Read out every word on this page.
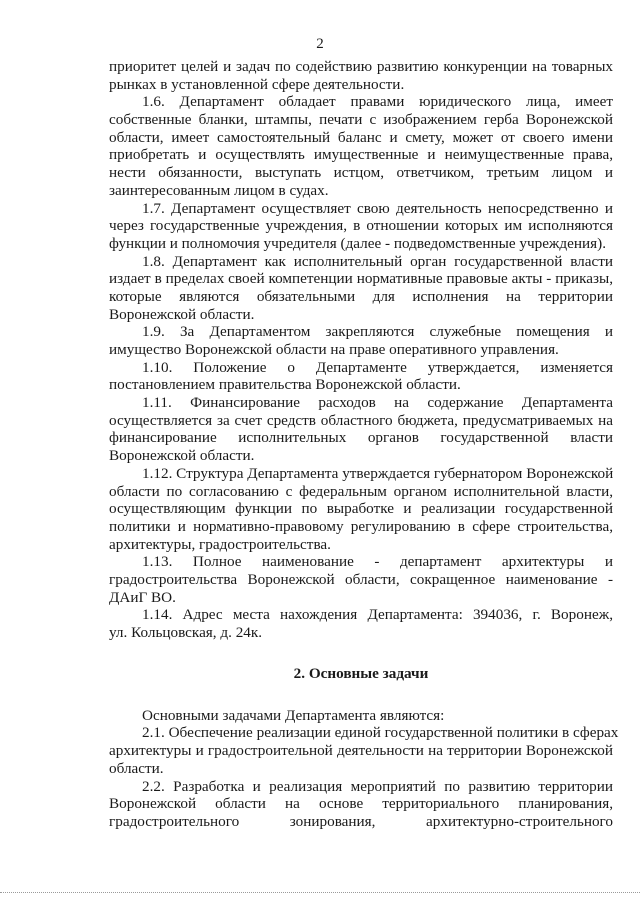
2
приоритет целей и задач по содействию развитию конкуренции на товарных
рынках в установленной сфере деятельности.
1.6. Департамент обладает правами юридического лица, имеет
собственные бланки, штампы, печати с изображением герба Воронежской
области, имеет самостоятельный баланс и смету, может от своего имени
приобретать и осуществлять имущественные и неимущественные права,
нести обязанности, выступать истцом, ответчиком, третьим лицом и
заинтересованным лицом в судах.
1.7. Департамент осуществляет свою деятельность непосредственно и
через государственные учреждения, в отношении которых им исполняются
функции и полномочия учредителя (далее - подведомственные учреждения).
1.8. Департамент как исполнительный орган государственной власти
издает в пределах своей компетенции нормативные правовые акты - приказы,
которые являются обязательными для исполнения на территории
Воронежской области.
1.9. За Департаментом закрепляются служебные помещения и
имущество Воронежской области на праве оперативного управления.
1.10. Положение о Департаменте утверждается, изменяется
постановлением правительства Воронежской области.
1.11. Финансирование расходов на содержание Департамента
осуществляется за счет средств областного бюджета, предусматриваемых на
финансирование исполнительных органов государственной власти
Воронежской области.
1.12. Структура Департамента утверждается губернатором Воронежской
области по согласованию с федеральным органом исполнительной власти,
осуществляющим функции по выработке и реализации государственной
политики и нормативно-правовому регулированию в сфере строительства,
архитектуры, градостроительства.
1.13. Полное наименование - департамент архитектуры и
градостроительства Воронежской области, сокращенное наименование -
ДАиГ ВО.
1.14. Адрес места нахождения Департамента: 394036, г. Воронеж,
ул. Кольцовская, д. 24к.
2. Основные задачи
Основными задачами Департамента являются:
2.1. Обеспечение реализации единой государственной политики в сферах
архитектуры и градостроительной деятельности на территории Воронежской
области.
2.2. Разработка и реализация мероприятий по развитию территории
Воронежской области на основе территориального планирования,
градостроительного зонирования, архитектурно-строительного
